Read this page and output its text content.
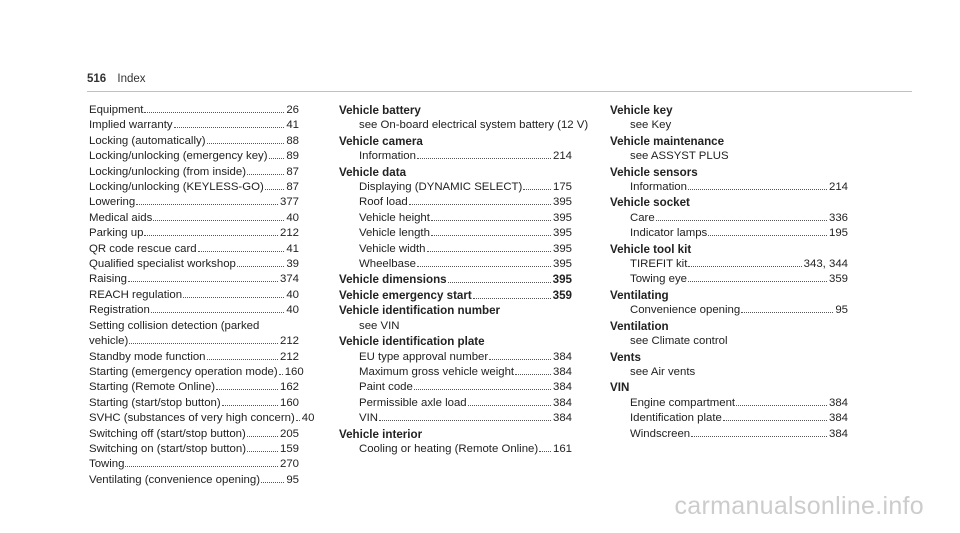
516 Index
Equipment	26
Implied warranty	41
Locking (automatically)	88
Locking/unlocking (emergency key) 89
Locking/unlocking (from inside)	87
Locking/unlocking (KEYLESS-GO) 87
Lowering	377
Medical aids	40
Parking up	212
QR code rescue card	41
Qualified specialist workshop	39
Raising	374
REACH regulation	40
Registration	40
Setting collision detection (parked
vehicle)	212
Standby mode function	212
Starting (emergency operation mode) 160
Starting (Remote Online)	162
Starting (start/stop button)	160
SVHC (substances of very high concern) 40
Switching off (start/stop button)	205
Switching on (start/stop button)	159
Towing	270
Ventilating (convenience opening) 95
Vehicle battery
see On-board electrical system battery (12 V)
Vehicle camera
Information	214
Vehicle data
Displaying (DYNAMIC SELECT)	175
Roof load	395
Vehicle height	395
Vehicle length	395
Vehicle width	395
Wheelbase	395
Vehicle dimensions	395
Vehicle emergency start	359
Vehicle identification number
see VIN
Vehicle identification plate
EU type approval number	384
Maximum gross vehicle weight	384
Paint code	384
Permissible axle load	384
VIN	384
Vehicle interior
Cooling or heating (Remote Online) 161
Vehicle key
see Key
Vehicle maintenance
see ASSYST PLUS
Vehicle sensors
Information	214
Vehicle socket
Care	336
Indicator lamps	195
Vehicle tool kit
TIREFIT kit	343, 344
Towing eye	359
Ventilating
Convenience opening	95
Ventilation
see Climate control
Vents
see Air vents
VIN
Engine compartment	384
Identification plate	384
Windscreen	384
carmanualsonline.info
